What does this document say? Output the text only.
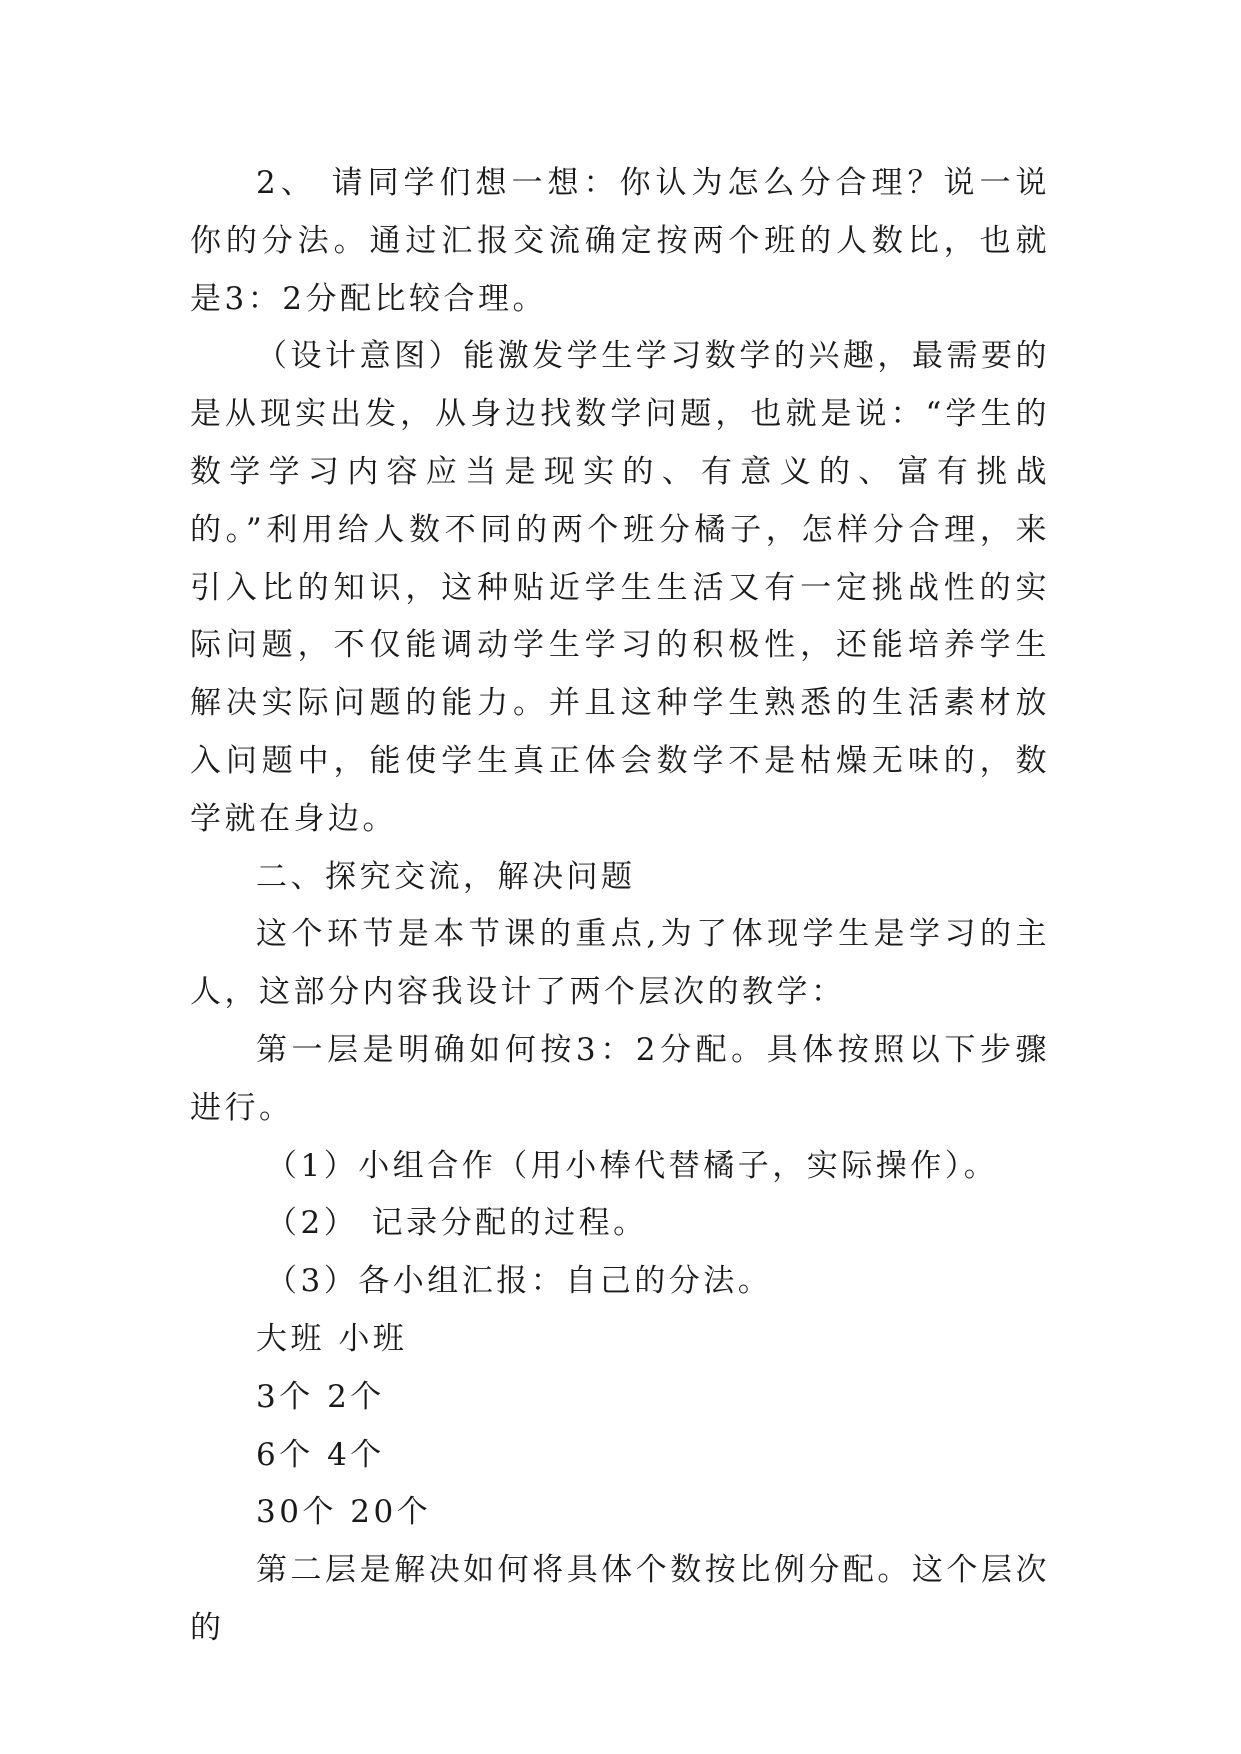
2、 请同学们想一想：你认为怎么分合理？说一说你的分法。通过汇报交流确定按两个班的人数比，也就是3：2分配比较合理。

（设计意图）能激发学生学习数学的兴趣，最需要的是从现实出发，从身边找数学问题，也就是说：“学生的数学学习内容应当是现实的、有意义的、富有挑战的。”利用给人数不同的两个班分橘子，怎样分合理，来引入比的知识，这种贴近学生生活又有一定挑战性的实际问题，不仅能调动学生学习的积极性，还能培养学生解决实际问题的能力。并且这种学生熟悉的生活素材放入问题中，能使学生真正体会数学不是枯燥无味的，数学就在身边。

二、探究交流，解决问题

这个环节是本节课的重点,为了体现学生是学习的主人，这部分内容我设计了两个层次的教学：

第一层是明确如何按3：2分配。具体按照以下步骤进行。

（1）小组合作（用小棒代替橘子，实际操作）。

（2） 记录分配的过程。

（3）各小组汇报：自己的分法。

大班 小班

3个 2个

6个 4个

30个 20个

第二层是解决如何将具体个数按比例分配。这个层次的
